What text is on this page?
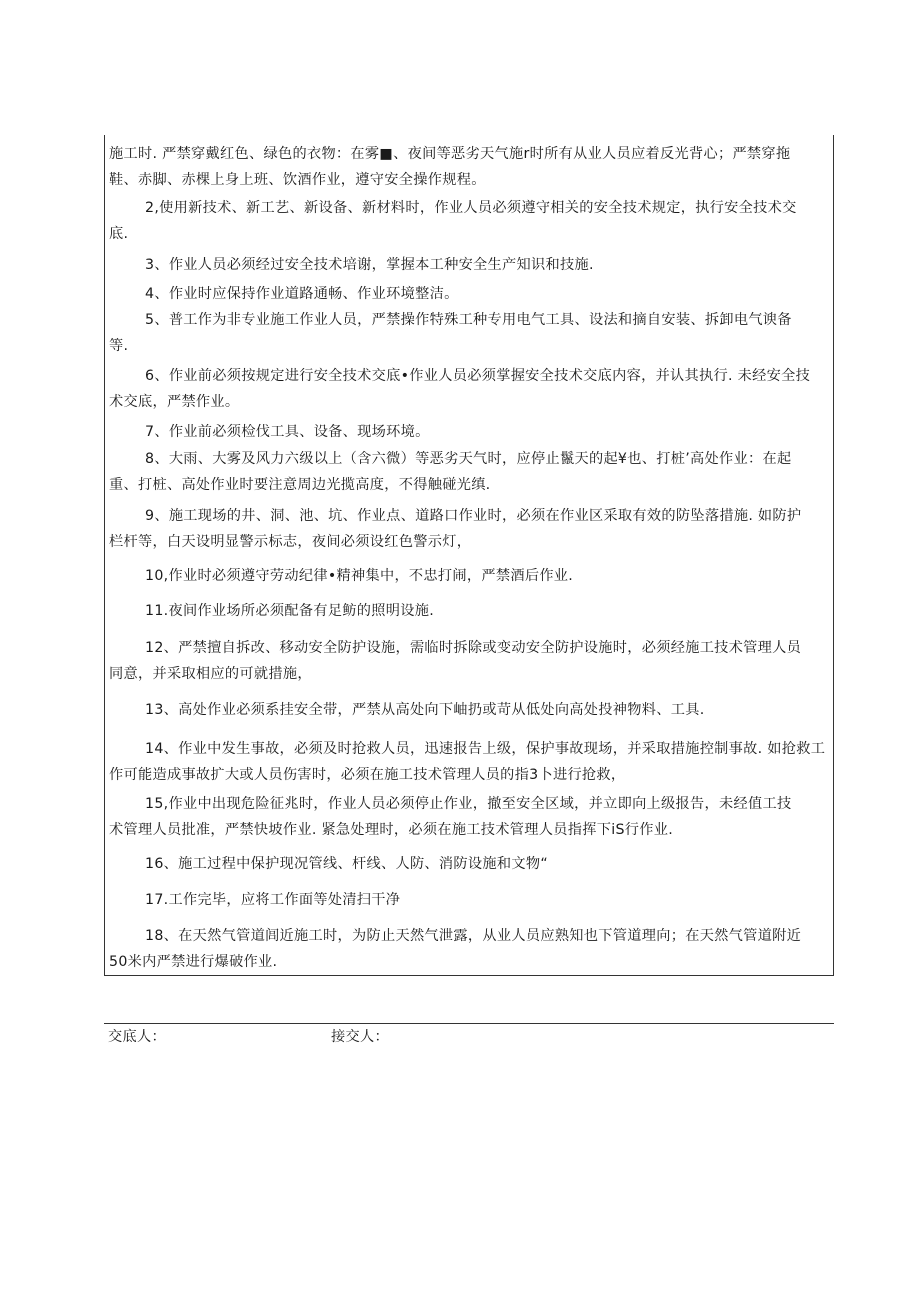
施工时. 严禁穿戴红色、绿色的衣物：在雾■、夜间等恶劣天气施r时所有从业人员应着反光背心；严禁穿拖
鞋、赤脚、赤棵上身上班、饮酒作业，遵守安全操作规程。
2,使用新技术、新工艺、新设备、新材料时，作业人员必须遵守相关的安全技术规定，执行安全技术交
底.
3、作业人员必须经过安全技术培谢，掌握本工种安全生产知识和技施.
4、作业时应保持作业道路通畅、作业环境整洁。
5、普工作为非专业施工作业人员，严禁操作特殊工种专用电气工具、设法和摘自安装、拆卸电气谀备
等.
6、作业前必须按规定进行安全技术交底•作业人员必须掌握安全技术交底内容，并认其执行. 未经安全技
术交底，严禁作业。
7、作业前必须检伐工具、设备、现场环境。
8、大雨、大雾及风力六级以上（含六微）等恶劣天气时，应停止鬣天的起¥也、打桩’高处作业：在起
重、打桩、高处作业时要注意周边光揽高度，不得触碰光缜.
9、施工现场的井、洞、池、坑、作业点、道路口作业时，必须在作业区采取有效的防坠落措施. 如防护
栏杆等，白天设明显警示标志，夜间必须设红色警示灯，
10,作业时必须遵守劳动纪律•精神集中，不忠打闹，严禁酒后作业.
11.夜间作业场所必须配备有足鲂的照明设施.
12、严禁擅自拆改、移动安全防护设施，需临时拆除或变动安全防护设施时，必须经施工技术管理人员
同意，并采取相应的可就措施，
13、高处作业必须系挂安全带，严禁从高处向下岫扔或苛从低处向高处投神物料、工具.
14、作业中发生事故，必须及时抢救人员，迅速报告上级，保护事故现场，并采取措施控制事故. 如抢救工
作可能造成事故扩大或人员伤害时，必须在施工技术管理人员的指3卜进行抢救，
15,作业中出现危险征兆时，作业人员必须停止作业，撤至安全区域，并立即向上级报告，未经值工技
术管理人员批准，严禁快坡作业. 紧急处理时，必须在施工技术管理人员指挥下iS行作业.
16、施工过程中保护现况管线、杆线、人防、消防设施和文物“
17.工作完毕，应将工作面等处清扫干净
18、在天然气管道闾近施工时，为防止天然气泄露，从业人员应熟知也下管道理向；在天然气管道附近
50米内严禁进行爆破作业.
交底人：	接交人：
